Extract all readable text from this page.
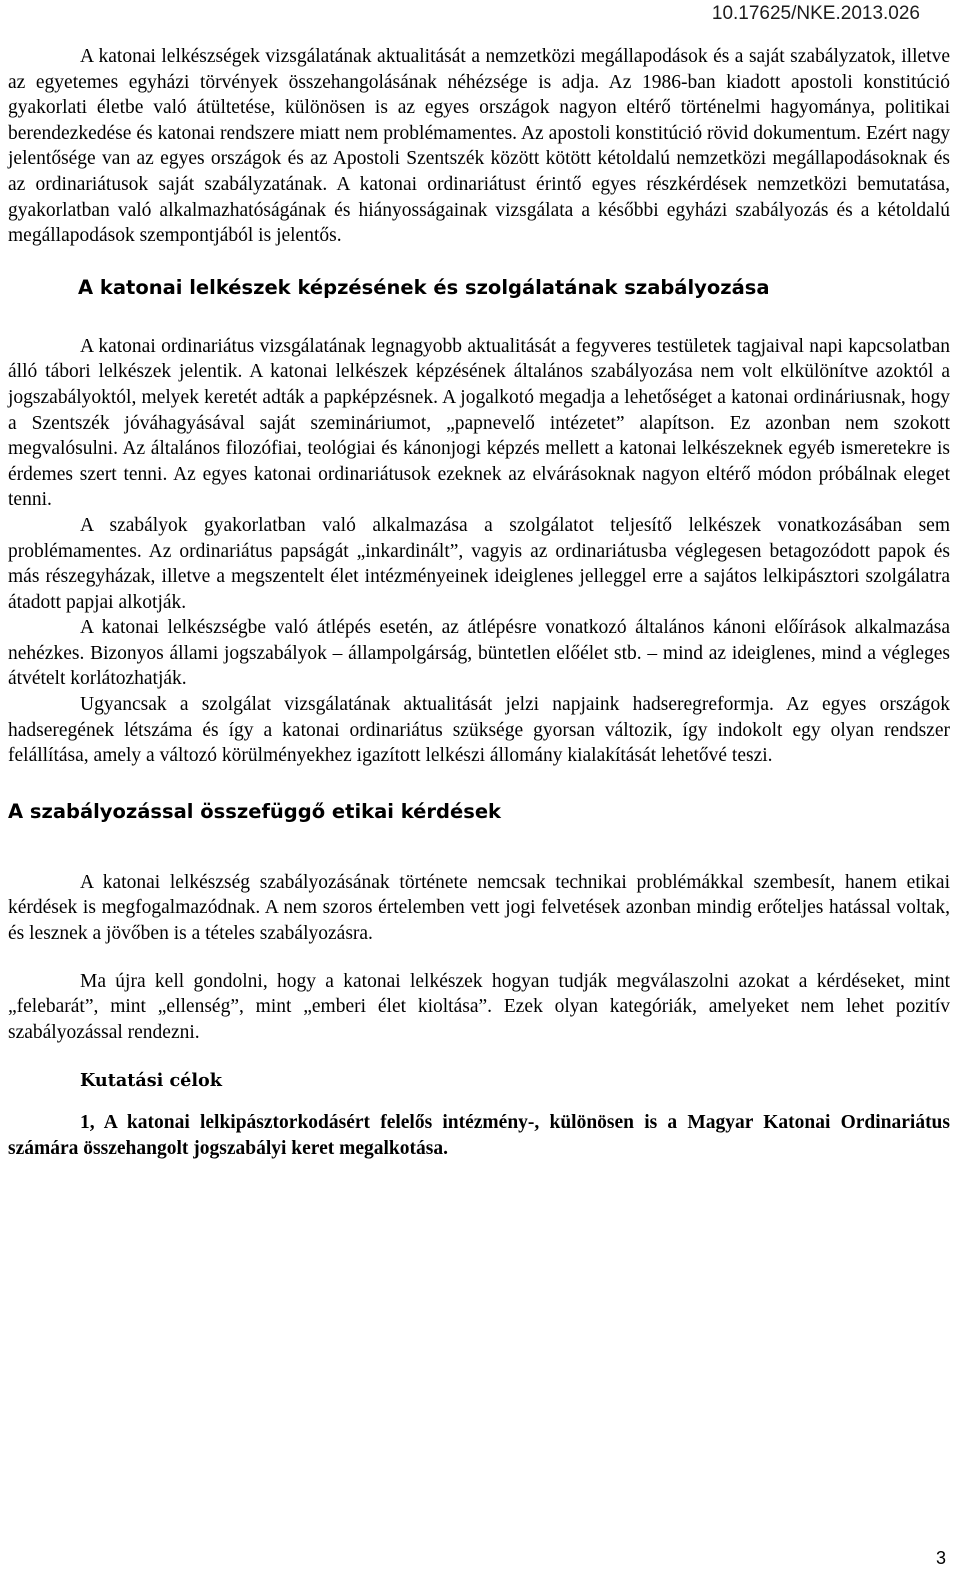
10.17625/NKE.2013.026

A katonai lelkészségek vizsgálatának aktualitását a nemzetközi megállapodások és a saját szabályzatok, illetve az egyetemes egyházi törvények összehangolásának néhézsége is adja. Az 1986-ban kiadott apostoli konstitúció gyakorlati életbe való átültetése, különösen is az egyes országok nagyon eltérő történelmi hagyománya, politikai berendezkedése és katonai rendszere miatt nem problémamentes. Az apostoli konstitúció rövid dokumentum. Ezért nagy jelentősége van az egyes országok és az Apostoli Szentszék között kötött kétoldalú nemzetközi megállapodásoknak és az ordinariátusok saját szabályzatának. A katonai ordinariátust érintő egyes részkérdések nemzetközi bemutatása, gyakorlatban való alkalmazhatóságának és hiányosságainak vizsgálata a későbbi egyházi szabályozás és a kétoldalú megállapodások szempontjából is jelentős.

A katonai lelkészek képzésének és szolgálatának szabályozása

A katonai ordinariátus vizsgálatának legnagyobb aktualitását a fegyveres testületek tagjaival napi kapcsolatban álló tábori lelkészek jelentik. A katonai lelkészek képzésének általános szabályozása nem volt elkülönítve azoktól a jogszabályoktól, melyek keretét adták a papképzésnek. A jogalkotó megadja a lehetőséget a katonai ordináriusnak, hogy a Szentszék jóváhagyásával saját szemináriumot, „papnevelő intézetet” alapítson. Ez azonban nem szokott megvalósulni. Az általános filozófiai, teológiai és kánonjogi képzés mellett a katonai lelkészeknek egyéb ismeretekre is érdemes szert tenni. Az egyes katonai ordinariátusok ezeknek az elvárásoknak nagyon eltérő módon próbálnak eleget tenni.

A szabályok gyakorlatban való alkalmazása a szolgálatot teljesítő lelkészek vonatkozásában sem problémamentes. Az ordinariátus papságát „inkardinált”, vagyis az ordinariátusba véglegesen betagozódott papok és más részegyházak, illetve a megszentelt élet intézményeinek ideiglenes jelleggel erre a sajátos lelkipásztori szolgálatra átadott papjai alkotják.

A katonai lelkészségbe való átlépés esetén, az átlépésre vonatkozó általános kánoni előírások alkalmazása nehézkes. Bizonyos állami jogszabályok – állampolgárság, büntetlen előélet stb. – mind az ideiglenes, mind a végleges átvételt korlátozhatják.

Ugyancsak a szolgálat vizsgálatának aktualitását jelzi napjaink hadseregreformja. Az egyes országok hadseregének létszáma és így a katonai ordinariátus szüksége gyorsan változik, így indokolt egy olyan rendszer felállítása, amely a változó körülményekhez igazított lelkészi állomány kialakítását lehetővé teszi.

A szabályozással összefüggő etikai kérdések

A katonai lelkészség szabályozásának története nemcsak technikai problémákkal szembesít, hanem etikai kérdések is megfogalmazódnak. A nem szoros értelemben vett jogi felvetések azonban mindig erőteljes hatással voltak, és lesznek a jövőben is a tételes szabályozásra.

Ma újra kell gondolni, hogy a katonai lelkészek hogyan tudják megválaszolni azokat a kérdéseket, mint „felebarát”, mint „ellenség”, mint „emberi élet kioltása”. Ezek olyan kategóriák, amelyeket nem lehet pozitív szabályozással rendezni.

Kutatási célok

1, A katonai lelkipásztorkodásért felelős intézmény-, különösen is a Magyar Katonai Ordinariátus számára összehangolt jogszabályi keret megalkotása.

3
